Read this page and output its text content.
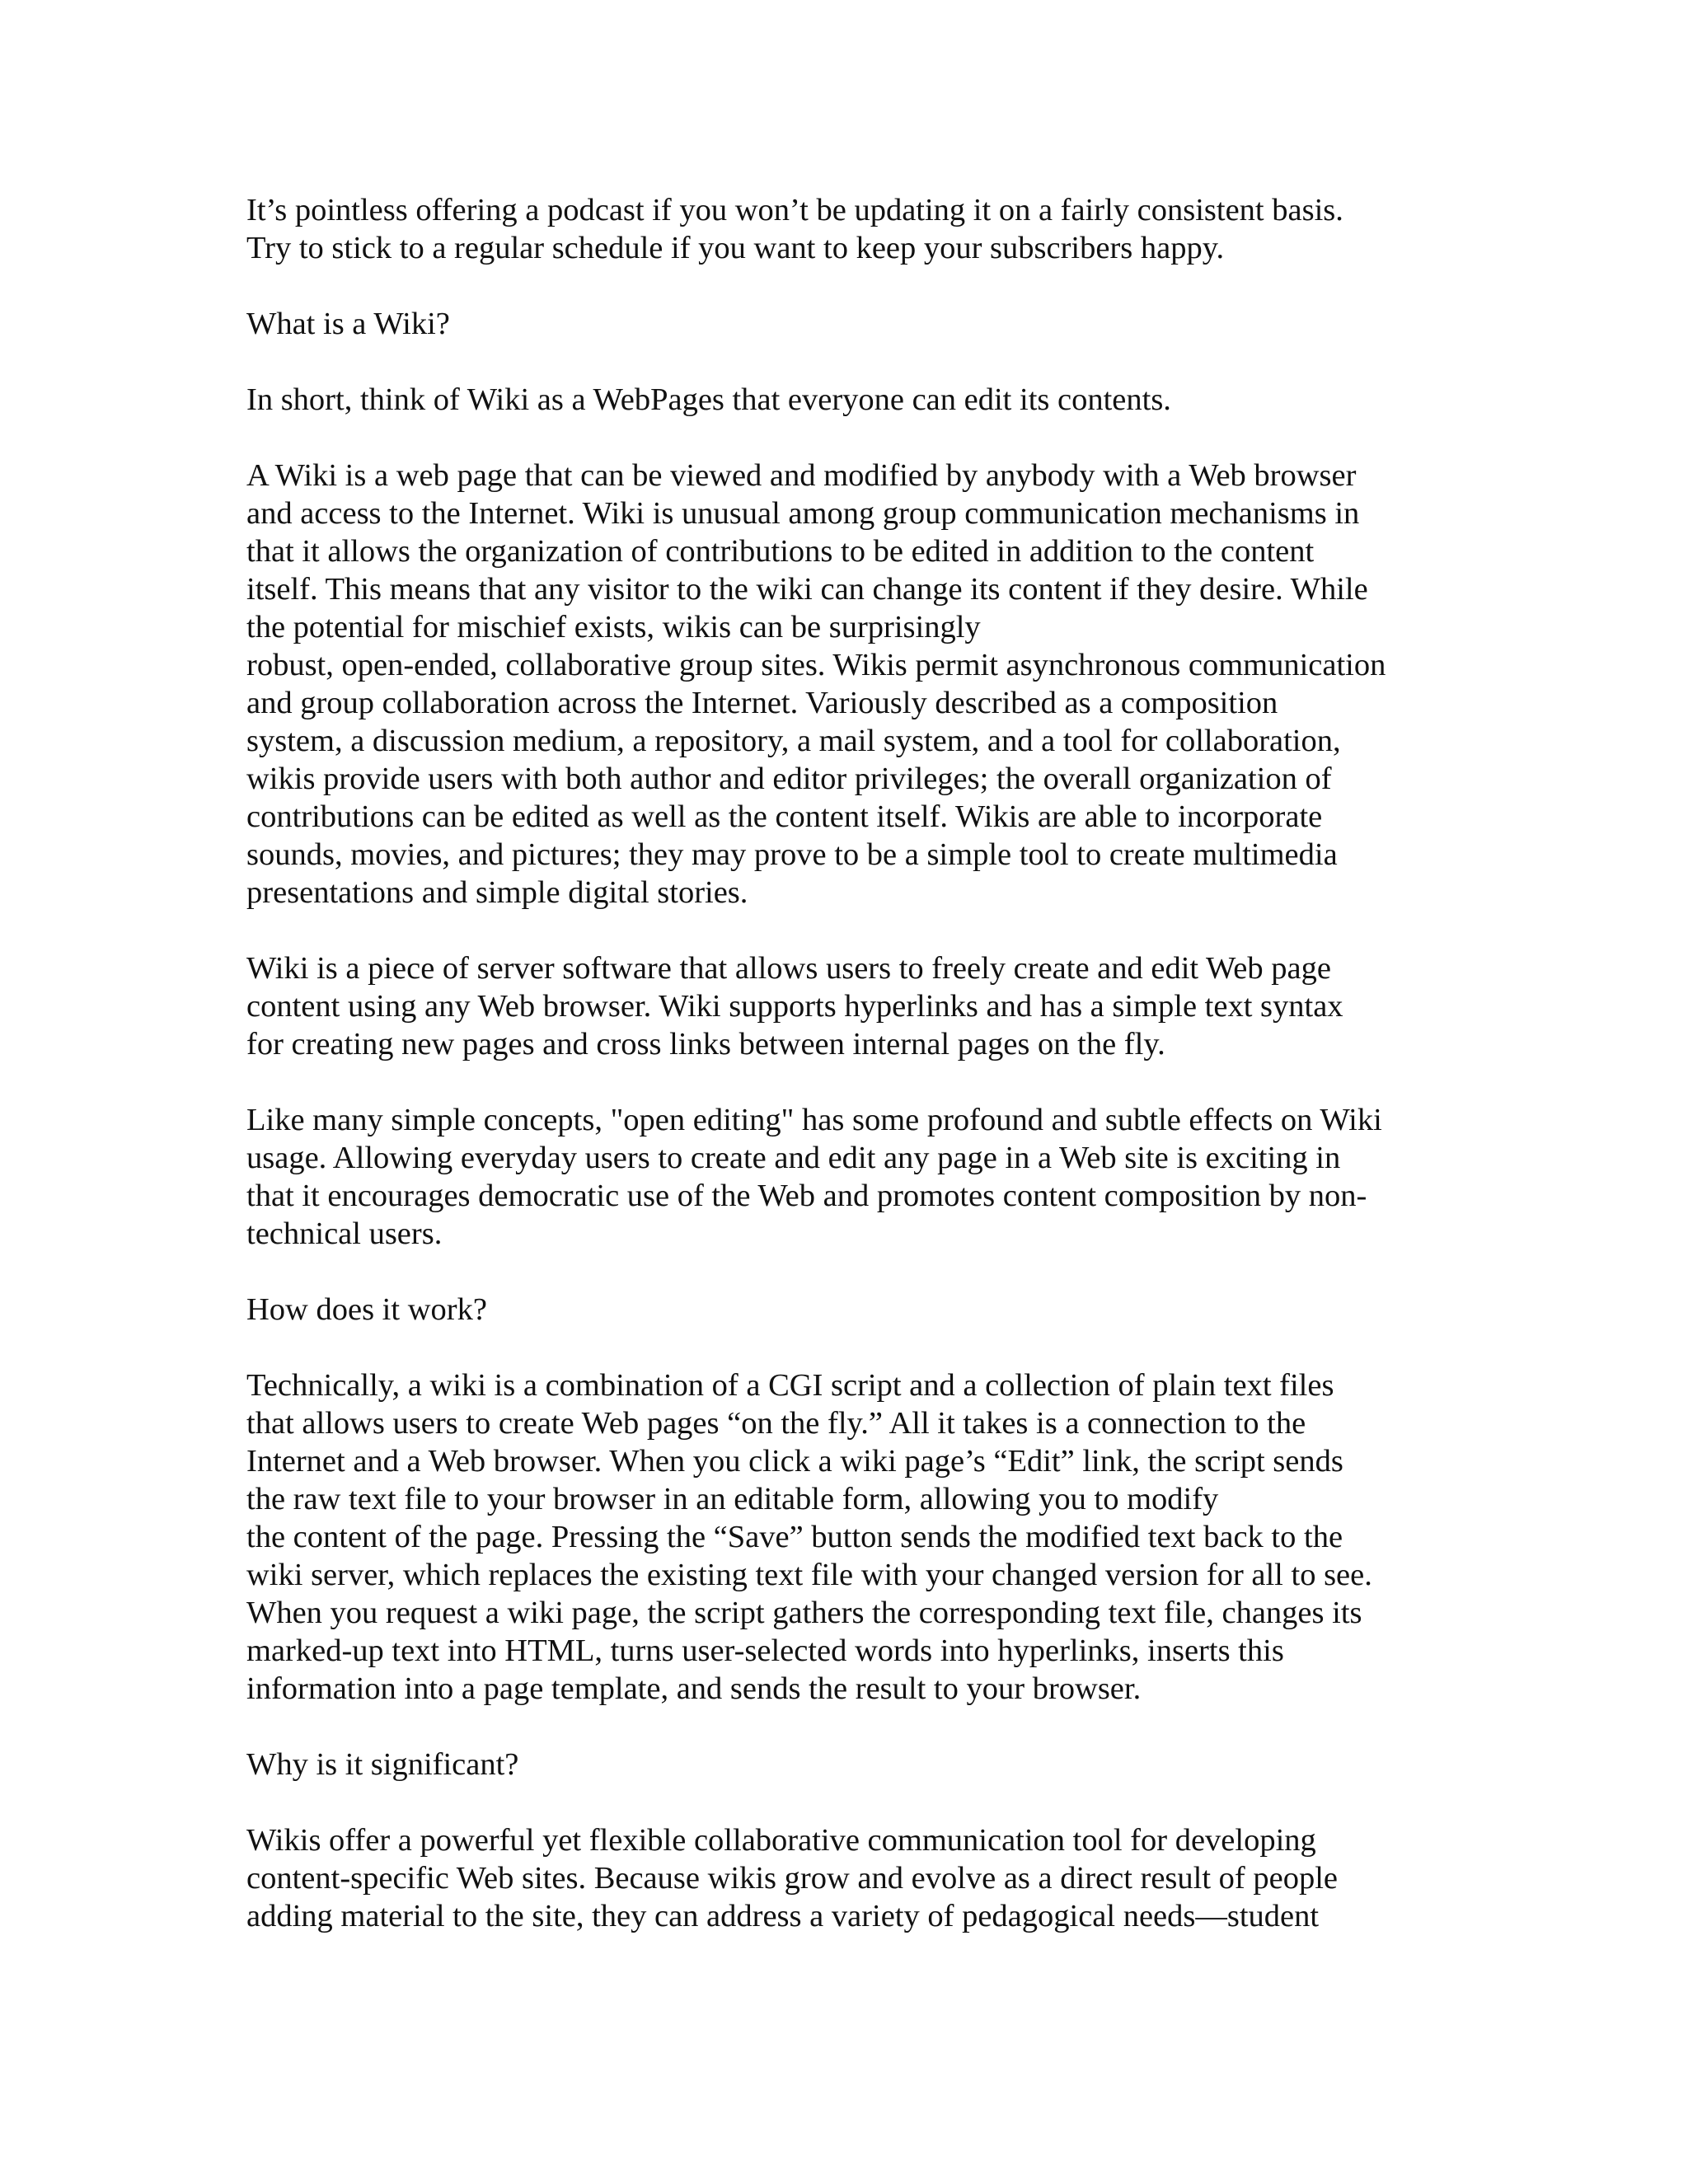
It’s pointless offering a podcast if you won’t be updating it on a fairly consistent basis.
Try to stick to a regular schedule if you want to keep your subscribers happy.
What is a Wiki?
In short, think of Wiki as a WebPages that everyone can edit its contents.
A Wiki is a web page that can be viewed and modified by anybody with a Web browser
and access to the Internet. Wiki is unusual among group communication mechanisms in
that it allows the organization of contributions to be edited in addition to the content
itself. This means that any visitor to the wiki can change its content if they desire. While
the potential for mischief exists, wikis can be surprisingly
robust, open-ended, collaborative group sites. Wikis permit asynchronous communication
and group collaboration across the Internet. Variously described as a composition
system, a discussion medium, a repository, a mail system, and a tool for collaboration,
wikis provide users with both author and editor privileges; the overall organization of
contributions can be edited as well as the content itself. Wikis are able to incorporate
sounds, movies, and pictures; they may prove to be a simple tool to create multimedia
presentations and simple digital stories.
Wiki is a piece of server software that allows users to freely create and edit Web page
content using any Web browser. Wiki supports hyperlinks and has a simple text syntax
for creating new pages and cross links between internal pages on the fly.
Like many simple concepts, "open editing" has some profound and subtle effects on Wiki
usage. Allowing everyday users to create and edit any page in a Web site is exciting in
that it encourages democratic use of the Web and promotes content composition by non-
technical users.
How does it work?
Technically, a wiki is a combination of a CGI script and a collection of plain text files
that allows users to create Web pages “on the fly.” All it takes is a connection to the
Internet and a Web browser. When you click a wiki page’s “Edit” link, the script sends
the raw text file to your browser in an editable form, allowing you to modify
the content of the page. Pressing the “Save” button sends the modified text back to the
wiki server, which replaces the existing text file with your changed version for all to see.
When you request a wiki page, the script gathers the corresponding text file, changes its
marked-up text into HTML, turns user-selected words into hyperlinks, inserts this
information into a page template, and sends the result to your browser.
Why is it significant?
Wikis offer a powerful yet flexible collaborative communication tool for developing
content-specific Web sites. Because wikis grow and evolve as a direct result of people
adding material to the site, they can address a variety of pedagogical needs—student
